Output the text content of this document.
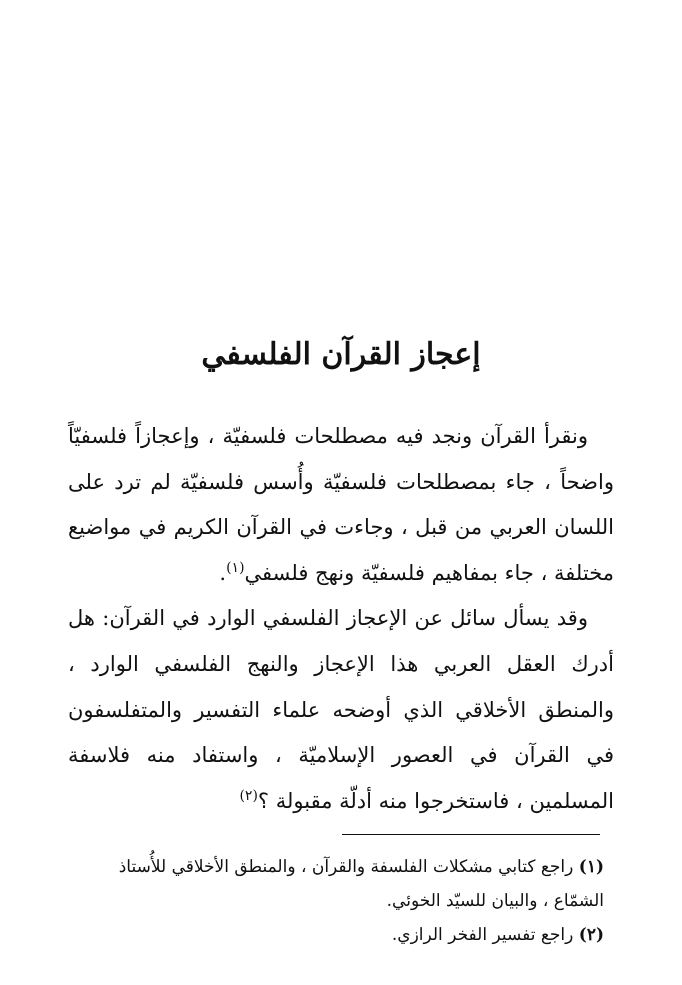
إعجاز القرآن الفلسفي

ونقرأ القرآن ونجد فيه مصطلحات فلسفيّة ، وإعجازاً فلسفيّاً واضحاً ، جاء بمصطلحات فلسفيّة وأُسس فلسفيّة لم ترد على اللسان العربي من قبل ، وجاءت في القرآن الكريم في مواضيع مختلفة ، جاء بمفاهيم فلسفيّة ونهج فلسفي$^{(١)}$.

وقد يسأل سائل عن الإعجاز الفلسفي الوارد في القرآن: هل أدرك العقل العربي هذا الإعجاز والنهج الفلسفي الوارد ، والمنطق الأخلاقي الذي أوضحه علماء التفسير والمتفلسفون في القرآن في العصور الإسلاميّة ، واستفاد منه فلاسفة المسلمين ، فاستخرجوا منه أدلّة مقبولة ؟$^{(٢)}$

(١) راجع كتابي مشكلات الفلسفة والقرآن ، والمنطق الأخلاقي للأُستاذ الشمّاع ، والبيان للسيّد الخوئي.

(٢) راجع تفسير الفخر الرازي.
